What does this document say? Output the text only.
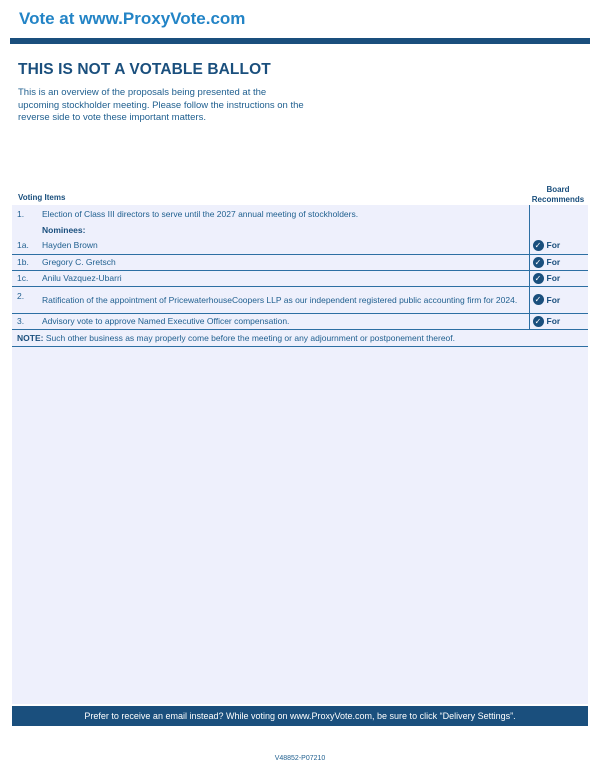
Vote at www.ProxyVote.com
THIS IS NOT A VOTABLE BALLOT
This is an overview of the proposals being presented at the upcoming stockholder meeting. Please follow the instructions on the reverse side to vote these important matters.
Voting Items
Board Recommends
1.	Election of Class III directors to serve until the 2027 annual meeting of stockholders.	
	Nominees:	
1a.	Hayden Brown	✓ For

1b.	Gregory C. Gretsch	✓ For

1c.	Anilu Vazquez-Ubarri	✓ For

2.	Ratification of the appointment of PricewaterhouseCoopers LLP as our independent registered public accounting firm for 2024.	✓ For

3.	Advisory vote to approve Named Executive Officer compensation.	✓ For

NOTE: Such other business as may properly come before the meeting or any adjournment or postponement thereof.		
Prefer to receive an email instead? While voting on www.ProxyVote.com, be sure to click “Delivery Settings”.
V48852-P07210
